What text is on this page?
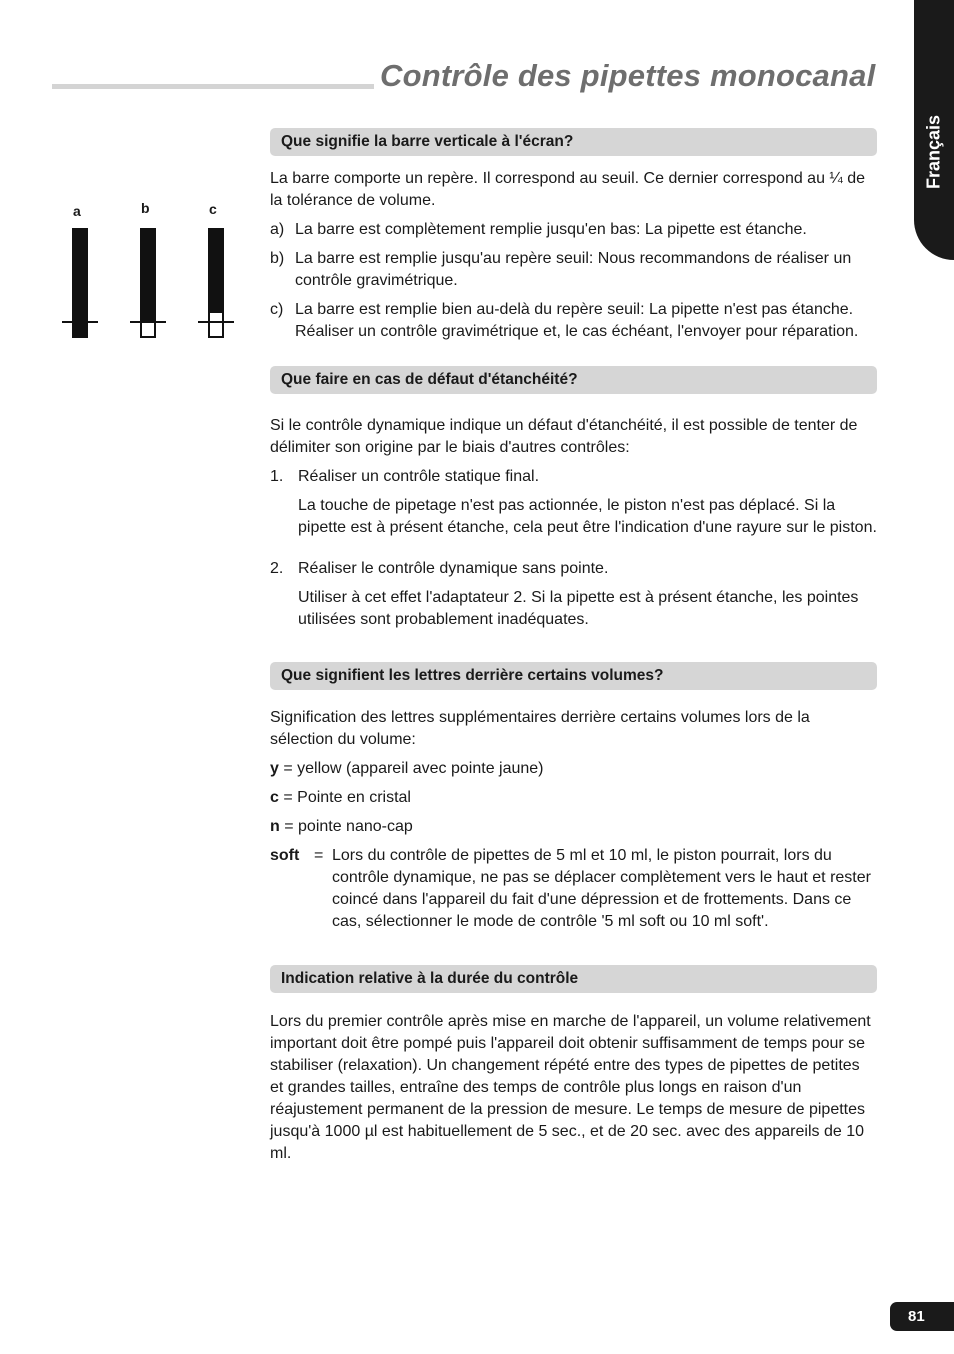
Contrôle des pipettes monocanal
Français
a	b	c
Que signifie la barre verticale à l'écran?

La barre comporte un repère. Il correspond au seuil. Ce dernier correspond au ¼ de la tolérance de volume.

a) La barre est complètement remplie jusqu'en bas: La pipette est étanche.
b) La barre est remplie jusqu'au repère seuil: Nous recommandons de réaliser un contrôle gravimétrique.
c) La barre est remplie bien au-delà du repère seuil: La pipette n'est pas étanche. Réaliser un contrôle gravimétrique et, le cas échéant, l'envoyer pour réparation.
Que faire en cas de défaut d'étanchéité?

Si le contrôle dynamique indique un défaut d'étanchéité, il est possible de tenter de délimiter son origine par le biais d'autres contrôles:

1. Réaliser un contrôle statique final.

La touche de pipetage n'est pas actionnée, le piston n'est pas déplacé. Si la pipette est à présent étanche, cela peut être l'indication d'une rayure sur le piston.

2. Réaliser le contrôle dynamique sans pointe.

Utiliser à cet effet l'adaptateur 2. Si la pipette est à présent étanche, les pointes utilisées sont probablement inadéquates.

Que signifient les lettres derrière certains volumes?

Signification des lettres supplémentaires derrière certains volumes lors de la sélection du volume:

y = yellow (appareil avec pointe jaune)

c = Pointe en cristal

n = pointe nano-cap

soft = Lors du contrôle de pipettes de 5 ml et 10 ml, le piston pourrait, lors du contrôle dynamique, ne pas se déplacer complètement vers le haut et rester coincé dans l'appareil du fait d'une dépression et de frottements. Dans ce cas, sélectionner le mode de contrôle '5 ml soft ou 10 ml soft'.
Indication relative à la durée du contrôle

Lors du premier contrôle après mise en marche de l'appareil, un volume relativement important doit être pompé puis l'appareil doit obtenir suffisamment de temps pour se stabiliser (relaxation). Un changement répété entre des types de pipettes de petites et grandes tailles, entraîne des temps de contrôle plus longs en raison d'un réajustement permanent de la pression de mesure. Le temps de mesure de pipettes jusqu'à 1000 µl est habituellement de 5 sec., et de 20 sec. avec des appareils de 10 ml.

81
